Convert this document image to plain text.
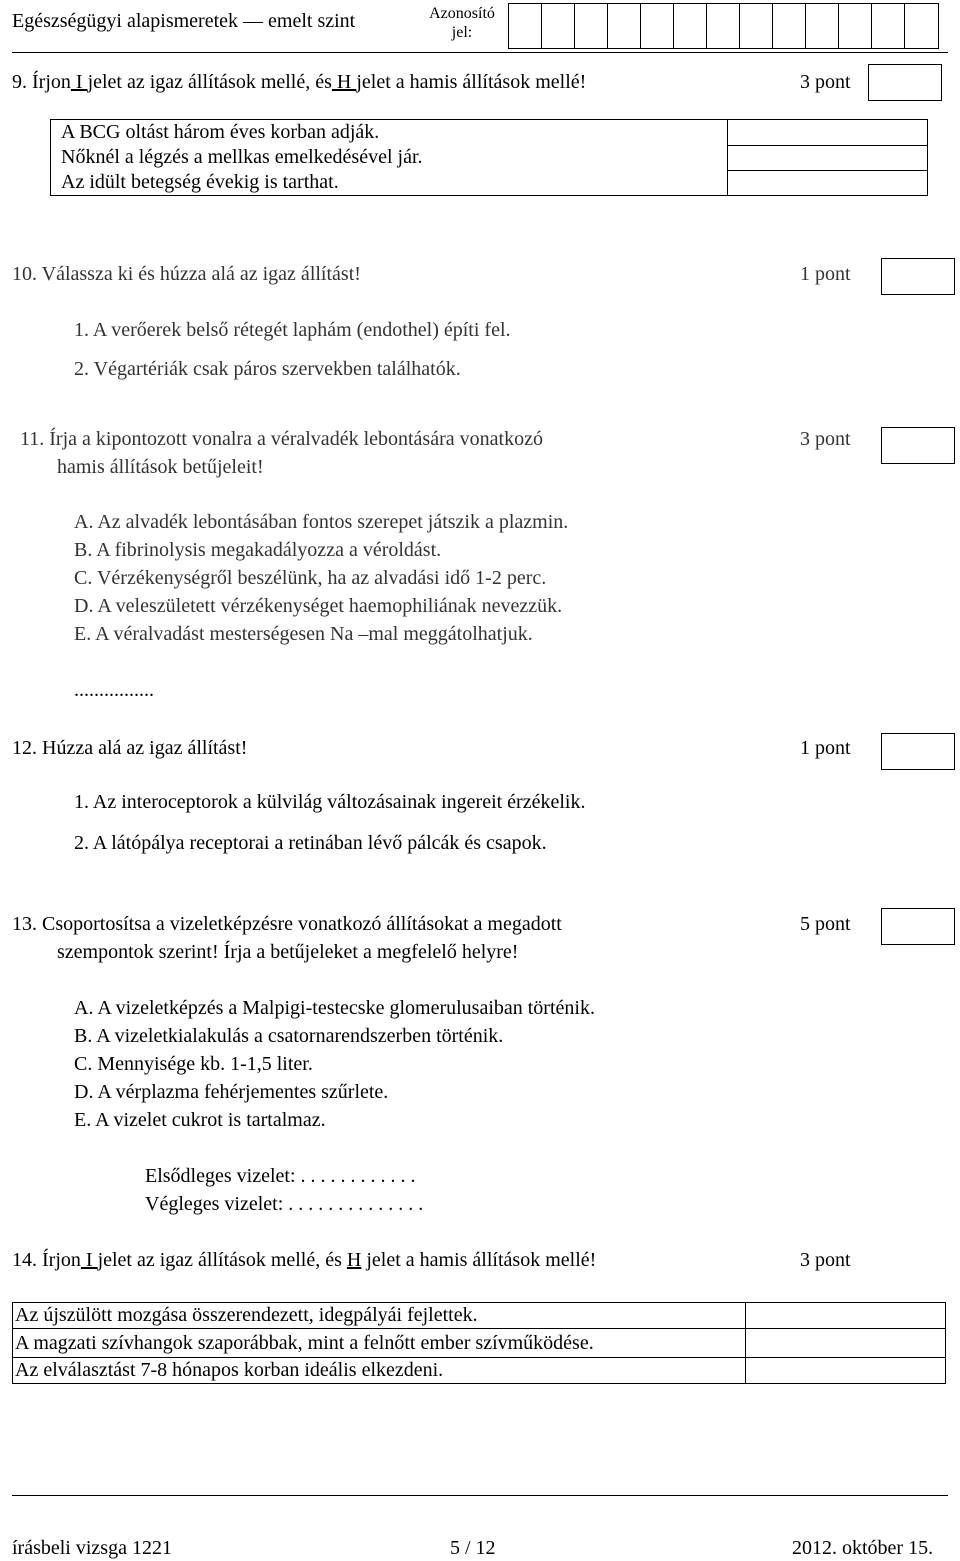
Egészségügyi alapismeretek — emelt szint	Azonosító
jel:
9. Írjon I jelet az igaz állítások mellé, és H jelet a hamis állítások mellé!	3 pont
A BCG oltást három éves korban adják.	
Nőknél a légzés a mellkas emelkedésével jár.	
Az idült betegség évekig is tarthat.	
10. Válassza ki és húzza alá az igaz állítást!	1 pont
1. A verőerek belső rétegét laphám (endothel) építi fel.
2. Végartériák csak páros szervekben találhatók.
11. Írja a kipontozott vonalra a véralvadék lebontására vonatkozó
hamis állítások betűjeleit!
3 pont
A. Az alvadék lebontásában fontos szerepet játszik a plazmin.
B. A fibrinolysis megakadályozza a véroldást.
C. Vérzékenységről beszélünk, ha az alvadási idő 1-2 perc.
D. A veleszületett vérzékenységet haemophiliának nevezzük.
E. A véralvadást mesterségesen Na –mal meggátolhatjuk.
................
12. Húzza alá az igaz állítást!	1 pont
1. Az interoceptorok a külvilág változásainak ingereit érzékelik.
2. A látópálya receptorai a retinában lévő pálcák és csapok.
13. Csoportosítsa a vizeletképzésre vonatkozó állításokat a megadott
szempontok szerint! Írja a betűjeleket a megfelelő helyre!
5 pont
A. A vizeletképzés a Malpigi-testecske glomerulusaiban történik.
B. A vizeletkialakulás a csatornarendszerben történik.
C. Mennyisége kb. 1-1,5 liter.
D. A vérplazma fehérjementes szűrlete.
E. A vizelet cukrot is tartalmaz.
Elsődleges vizelet: . . . . . . . . . . . .
Végleges vizelet: . . . . . . . . . . . . . .
14. Írjon I jelet az igaz állítások mellé, és H jelet a hamis állítások mellé!	3 pont
Az újszülött mozgása összerendezett, idegpályái fejlettek.	
A magzati szívhangok szaporábbak, mint a felnőtt ember szívműködése.	
Az elválasztást 7-8 hónapos korban ideális elkezdeni.	
írásbeli vizsga 1221	5 / 12	2012. október 15.
